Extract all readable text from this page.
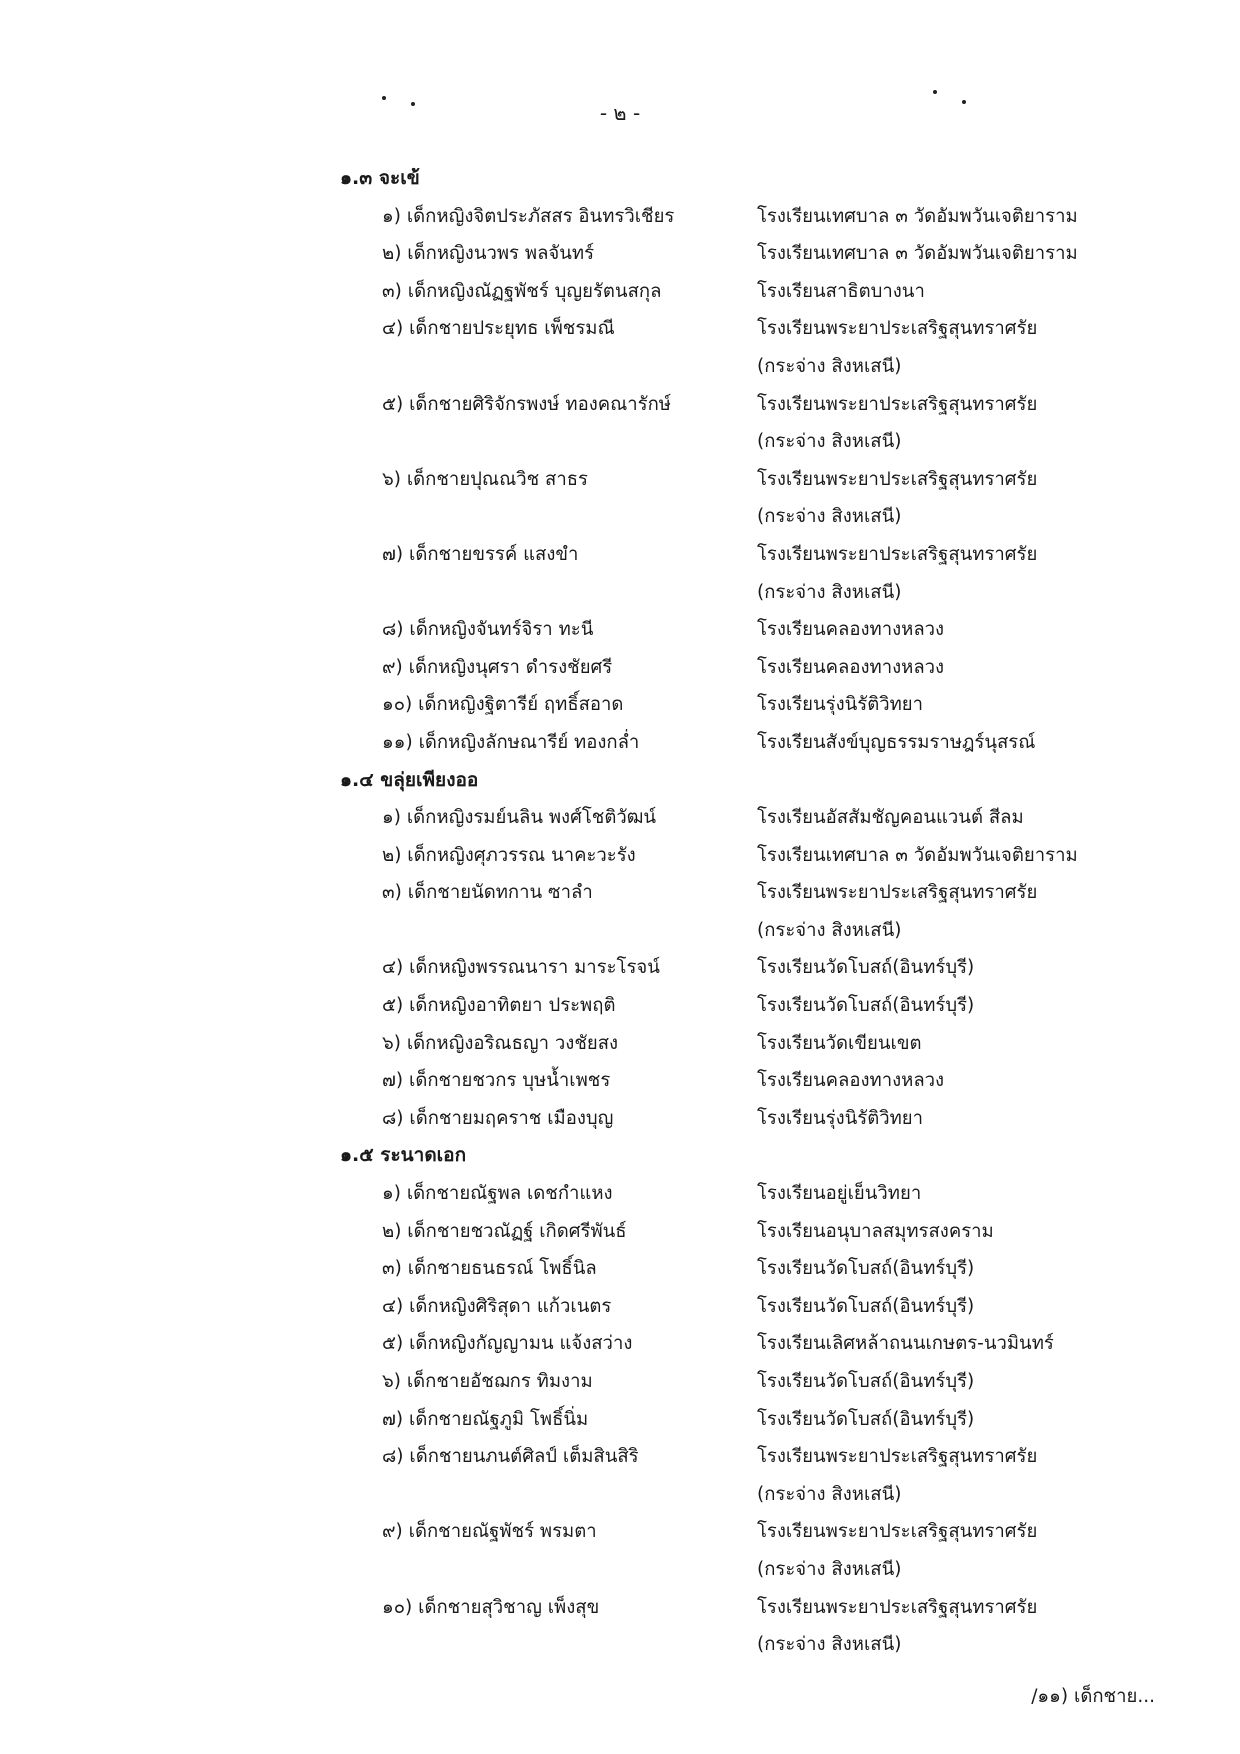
- ๒ -
๑.๓ จะเข้
๑) เด็กหญิงจิตประภัสสร อินทรวิเชียร	โรงเรียนเทศบาล ๓ วัดอัมพวันเจติยาราม
๒) เด็กหญิงนวพร พลจันทร์	โรงเรียนเทศบาล ๓ วัดอัมพวันเจติยาราม
๓) เด็กหญิงณัฏฐพัชร์ บุญยรัตนสกุล	โรงเรียนสาธิตบางนา
๔) เด็กชายประยุทธ เพ็ชรมณี	โรงเรียนพระยาประเสริฐสุนทราศรัย
(กระจ่าง สิงหเสนี)
๕) เด็กชายศิริจักรพงษ์ ทองคณารักษ์	โรงเรียนพระยาประเสริฐสุนทราศรัย
(กระจ่าง สิงหเสนี)
๖) เด็กชายปุณณวิช สาธร	โรงเรียนพระยาประเสริฐสุนทราศรัย
(กระจ่าง สิงหเสนี)
๗) เด็กชายขรรค์ แสงขำ	โรงเรียนพระยาประเสริฐสุนทราศรัย
(กระจ่าง สิงหเสนี)
๘) เด็กหญิงจันทร์จิรา ทะนี	โรงเรียนคลองทางหลวง
๙) เด็กหญิงนุศรา ดำรงชัยศรี	โรงเรียนคลองทางหลวง
๑๐) เด็กหญิงฐิตารีย์ ฤทธิ์สอาด	โรงเรียนรุ่งนิรัติวิทยา
๑๑) เด็กหญิงลักษณารีย์ ทองกล่ำ	โรงเรียนสังข์บุญธรรมราษฎร์นุสรณ์
๑.๔ ขลุ่ยเพียงออ
๑) เด็กหญิงรมย์นลิน พงศ์โชติวัฒน์	โรงเรียนอัสสัมชัญคอนแวนต์ สีลม
๒) เด็กหญิงศุภวรรณ นาคะวะรัง	โรงเรียนเทศบาล ๓ วัดอัมพวันเจติยาราม
๓) เด็กชายนัดทกาน ซาลำ	โรงเรียนพระยาประเสริฐสุนทราศรัย
(กระจ่าง สิงหเสนี)
๔) เด็กหญิงพรรณนารา มาระโรจน์	โรงเรียนวัดโบสถ์(อินทร์บุรี)
๕) เด็กหญิงอาทิตยา ประพฤติ	โรงเรียนวัดโบสถ์(อินทร์บุรี)
๖) เด็กหญิงอริณธญา วงชัยสง	โรงเรียนวัดเขียนเขต
๗) เด็กชายชวกร บุษน้ำเพชร	โรงเรียนคลองทางหลวง
๘) เด็กชายมฤคราช เมืองบุญ	โรงเรียนรุ่งนิรัติวิทยา
๑.๕ ระนาดเอก
๑) เด็กชายณัฐพล เดชกำแหง	โรงเรียนอยู่เย็นวิทยา
๒) เด็กชายชวณัฏฐ์ เกิดศรีพันธ์	โรงเรียนอนุบาลสมุทรสงคราม
๓) เด็กชายธนธรณ์ โพธิ์นิล	โรงเรียนวัดโบสถ์(อินทร์บุรี)
๔) เด็กหญิงศิริสุดา แก้วเนตร	โรงเรียนวัดโบสถ์(อินทร์บุรี)
๕) เด็กหญิงกัญญามน แจ้งสว่าง	โรงเรียนเลิศหล้าถนนเกษตร-นวมินทร์
๖) เด็กชายอัชฌกร ทิมงาม	โรงเรียนวัดโบสถ์(อินทร์บุรี)
๗) เด็กชายณัฐภูมิ โพธิ์นิ่ม	โรงเรียนวัดโบสถ์(อินทร์บุรี)
๘) เด็กชายนภนต์ศิลป์ เต็มสินสิริ	โรงเรียนพระยาประเสริฐสุนทราศรัย
(กระจ่าง สิงหเสนี)
๙) เด็กชายณัฐพัชร์ พรมตา	โรงเรียนพระยาประเสริฐสุนทราศรัย
(กระจ่าง สิงหเสนี)
๑๐) เด็กชายสุวิชาญ เพ็งสุข	โรงเรียนพระยาประเสริฐสุนทราศรัย
(กระจ่าง สิงหเสนี)
/๑๑) เด็กชาย...
